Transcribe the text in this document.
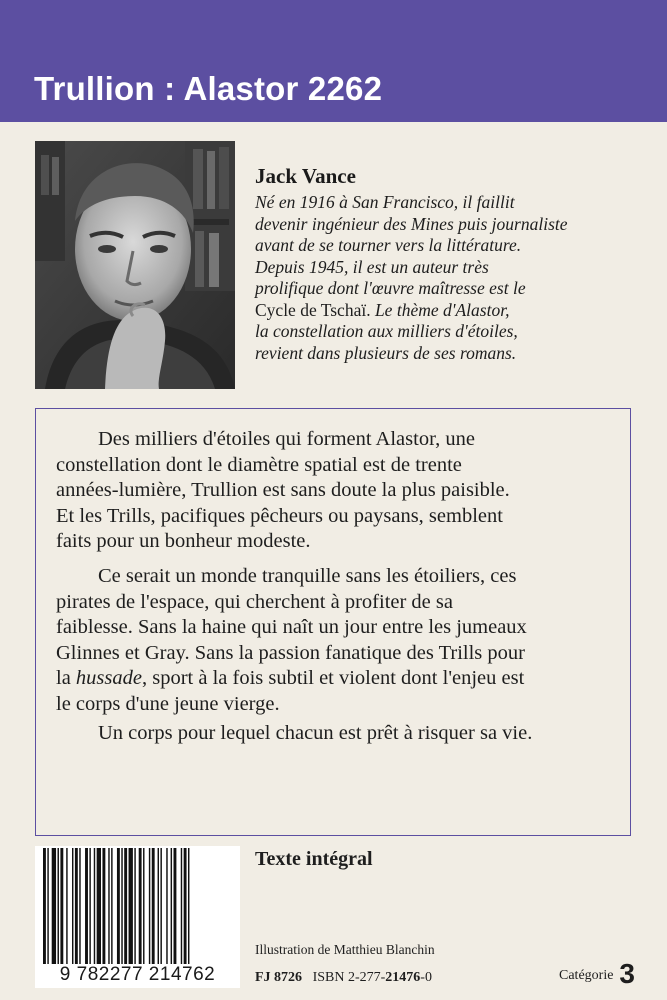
Trullion : Alastor 2262
Jack Vance
Né en 1916 à San Francisco, il faillit
devenir ingénieur des Mines puis journaliste
avant de se tourner vers la littérature.
Depuis 1945, il est un auteur très
prolifique dont l'œuvre maîtresse est le
Cycle de Tschaï. Le thème d'Alastor,
la constellation aux milliers d'étoiles,
revient dans plusieurs de ses romans.
Des milliers d'étoiles qui forment Alastor, une
constellation dont le diamètre spatial est de trente
années-lumière, Trullion est sans doute la plus paisible.
Et les Trills, pacifiques pêcheurs ou paysans, semblent
faits pour un bonheur modeste.
Ce serait un monde tranquille sans les étoiliers, ces
pirates de l'espace, qui cherchent à profiter de sa
faiblesse. Sans la haine qui naît un jour entre les jumeaux
Glinnes et Gray. Sans la passion fanatique des Trills pour
la hussade, sport à la fois subtil et violent dont l'enjeu est
le corps d'une jeune vierge.
Un corps pour lequel chacun est prêt à risquer sa vie.
9 782277 214762
Texte intégral
Illustration de Matthieu Blanchin
FJ 8726 ISBN 2-277-21476-0	Catégorie 3
